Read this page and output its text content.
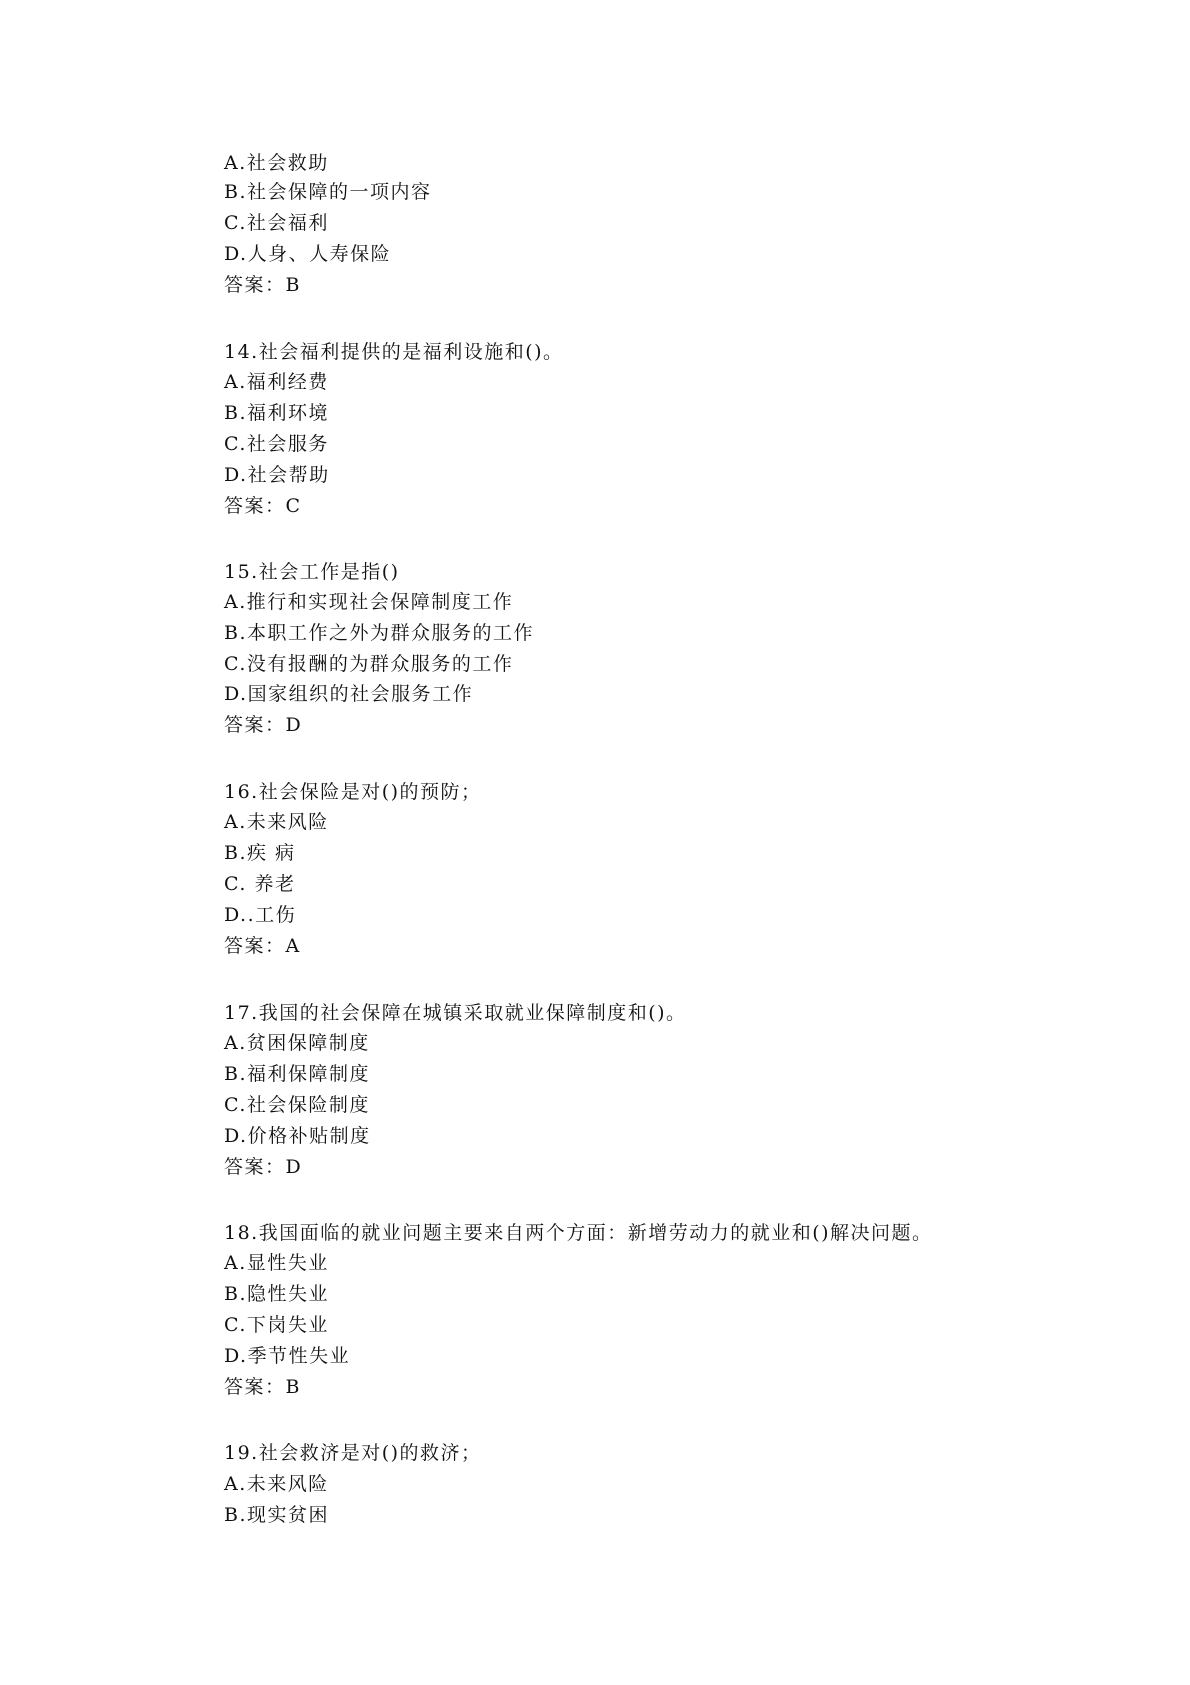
A.社会救助
B.社会保障的一项内容
C.社会福利
D.人身、人寿保险
答案：B
14.社会福利提供的是福利设施和()。
A.福利经费
B.福利环境
C.社会服务
D.社会帮助
答案：C
15.社会工作是指()
A.推行和实现社会保障制度工作
B.本职工作之外为群众服务的工作
C.没有报酬的为群众服务的工作
D.国家组织的社会服务工作
答案：D
16.社会保险是对()的预防；
A.未来风险
B.疾 病
C. 养老
D..工伤
答案：A
17.我国的社会保障在城镇采取就业保障制度和()。
A.贫困保障制度
B.福利保障制度
C.社会保险制度
D.价格补贴制度
答案：D
18.我国面临的就业问题主要来自两个方面：新增劳动力的就业和()解决问题。
A.显性失业
B.隐性失业
C.下岗失业
D.季节性失业
答案：B
19.社会救济是对()的救济；
A.未来风险
B.现实贫困
